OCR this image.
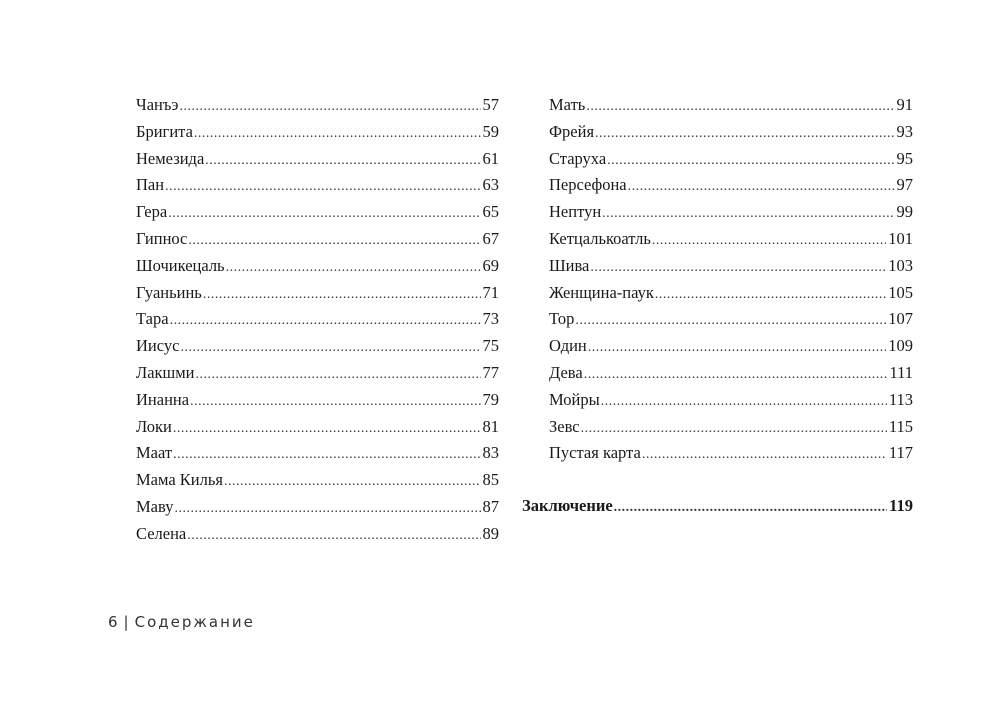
Чанъэ .....	57
Бригита .....	59
Немезида .....	61
Пан .....	63
Гера .....	65
Гипнос .....	67
Шочикецаль .....	69
Гуаньинь .....	71
Тара .....	73
Иисус .....	75
Лакшми .....	77
Инанна .....	79
Локи .....	81
Маат .....	83
Мама Килья .....	85
Маву .....	87
Селена .....	89
Мать .....	91
Фрейя .....	93
Старуха .....	95
Персефона .....	97
Нептун .....	99
Кетцалькоатль .....	101
Шива .....	103
Женщина-паук .....	105
Тор .....	107
Один .....	109
Дева .....	111
Мойры .....	113
Зевс .....	115
Пустая карта .....	117
Заключение .....	119
6 | Содержание
